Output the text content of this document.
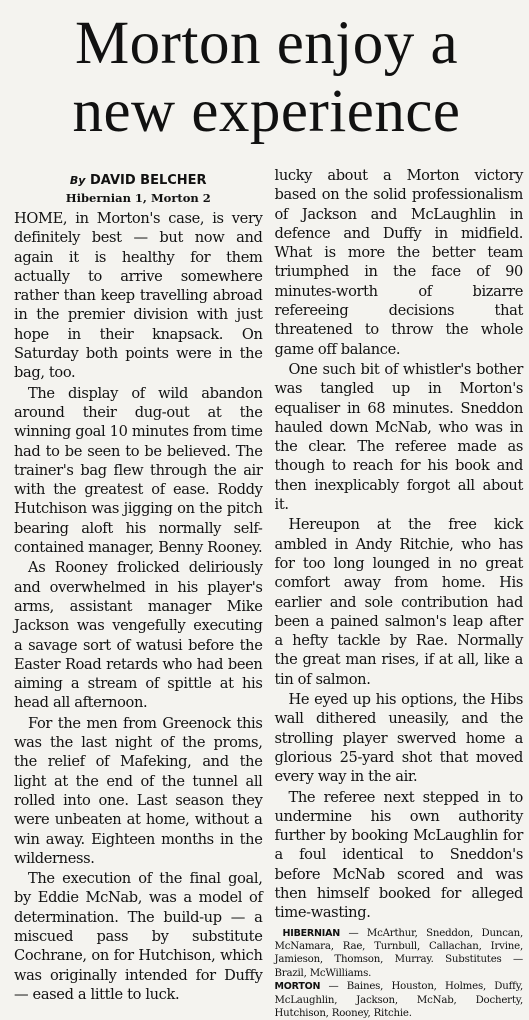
Morton enjoy a
new experience
By DAVID BELCHER
Hibernian 1, Morton 2

HOME, in Morton's case, is very definitely best — but now and again it is healthy for them actually to arrive somewhere rather than keep travelling abroad in the premier division with just hope in their knapsack. On Saturday both points were in the bag, too.

The display of wild abandon around their dug-out at the winning goal 10 minutes from time had to be seen to be believed. The trainer's bag flew through the air with the greatest of ease. Roddy Hutchison was jigging on the pitch bearing aloft his normally self-contained manager, Benny Rooney.

As Rooney frolicked deliriously and overwhelmed in his player's arms, assistant manager Mike Jackson was vengefully executing a savage sort of watusi before the Easter Road retards who had been aiming a stream of spittle at his head all afternoon.

For the men from Greenock this was the last night of the proms, the relief of Mafeking, and the light at the end of the tunnel all rolled into one. Last season they were unbeaten at home, without a win away. Eighteen months in the wilderness.

The execution of the final goal, by Eddie McNab, was a model of determination. The build-up — a miscued pass by substitute Cochrane, on for Hutchison, which was originally intended for Duffy — eased a little to luck.

lucky about a Morton victory based on the solid professionalism of Jackson and McLaughlin in defence and Duffy in midfield. What is more the better team triumphed in the face of 90 minutes-worth of bizarre refereeing decisions that threatened to throw the whole game off balance.

One such bit of whistler's bother was tangled up in Morton's equaliser in 68 minutes. Sneddon hauled down McNab, who was in the clear. The referee made as though to reach for his book and then inexplicably forgot all about it.

Hereupon at the free kick ambled in Andy Ritchie, who has for too long lounged in no great comfort away from home. His earlier and sole contribution had been a pained salmon's leap after a hefty tackle by Rae. Normally the great man rises, if at all, like a tin of salmon.

He eyed up his options, the Hibs wall dithered uneasily, and the strolling player swerved home a glorious 25-yard shot that moved every way in the air.

The referee next stepped in to undermine his own authority further by booking McLaughlin for a foul identical to Sneddon's before McNab scored and was then himself booked for alleged time-wasting.

HIBERNIAN — McArthur, Sneddon, Duncan, McNamara, Rae, Turnbull, Callachan, Irvine, Jamieson, Thomson, Murray. Substitutes — Brazil, McWilliams.
MORTON — Baines, Houston, Holmes, Duffy, McLaughlin, Jackson, McNab, Docherty, Hutchison, Rooney, Ritchie.
